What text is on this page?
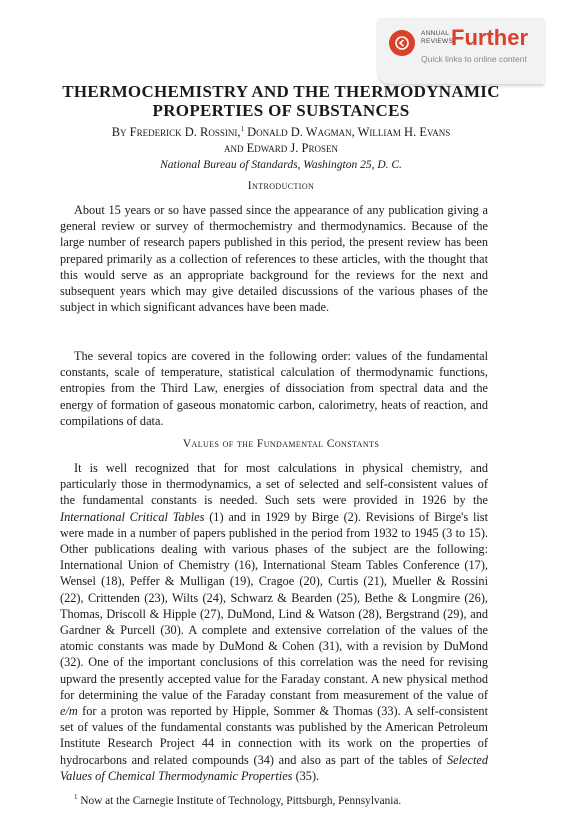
ANNUAL
REVIEWS
Further
Quick links to online content
THERMOCHEMISTRY AND THE THERMODYNAMIC
PROPERTIES OF SUBSTANCES
By Frederick D. Rossini,$^1$ Donald D. Wagman, William H. Evans
and Edward J. Prosen
National Bureau of Standards, Washington 25, D. C.
Introduction

About 15 years or so have passed since the appearance of any publication giving a general review or survey of thermochemistry and thermodynamics. Because of the large number of research papers published in this period, the present review has been prepared primarily as a collection of references to these articles, with the thought that this would serve as an appropriate background for the reviews for the next and subsequent years which may give detailed discussions of the various phases of the subject in which significant advances have been made.

The several topics are covered in the following order: values of the fundamental constants, scale of temperature, statistical calculation of thermodynamic functions, entropies from the Third Law, energies of dissociation from spectral data and the energy of formation of gaseous monatomic carbon, calorimetry, heats of reaction, and compilations of data.

Values of the Fundamental Constants

It is well recognized that for most calculations in physical chemistry, and particularly those in thermodynamics, a set of selected and self-consistent values of the fundamental constants is needed. Such sets were provided in 1926 by the International Critical Tables (1) and in 1929 by Birge (2). Revisions of Birge's list were made in a number of papers published in the period from 1932 to 1945 (3 to 15). Other publications dealing with various phases of the subject are the following: International Union of Chemistry (16), International Steam Tables Conference (17), Wensel (18), Peffer & Mulligan (19), Cragoe (20), Curtis (21), Mueller & Rossini (22), Crittenden (23), Wilts (24), Schwarz & Bearden (25), Bethe & Longmire (26), Thomas, Driscoll & Hipple (27), DuMond, Lind & Watson (28), Bergstrand (29), and Gardner & Purcell (30). A complete and extensive correlation of the values of the atomic constants was made by DuMond & Cohen (31), with a revision by DuMond (32). One of the important conclusions of this correlation was the need for revising upward the presently accepted value for the Faraday constant. A new physical method for determining the value of the Faraday constant from measurement of the value of e/m for a proton was reported by Hipple, Sommer & Thomas (33). A self-consistent set of values of the fundamental constants was published by the American Petroleum Institute Research Project 44 in connection with its work on the properties of hydrocarbons and related compounds (34) and also as part of the tables of Selected Values of Chemical Thermodynamic Properties (35).

$^1$ Now at the Carnegie Institute of Technology, Pittsburgh, Pennsylvania.
